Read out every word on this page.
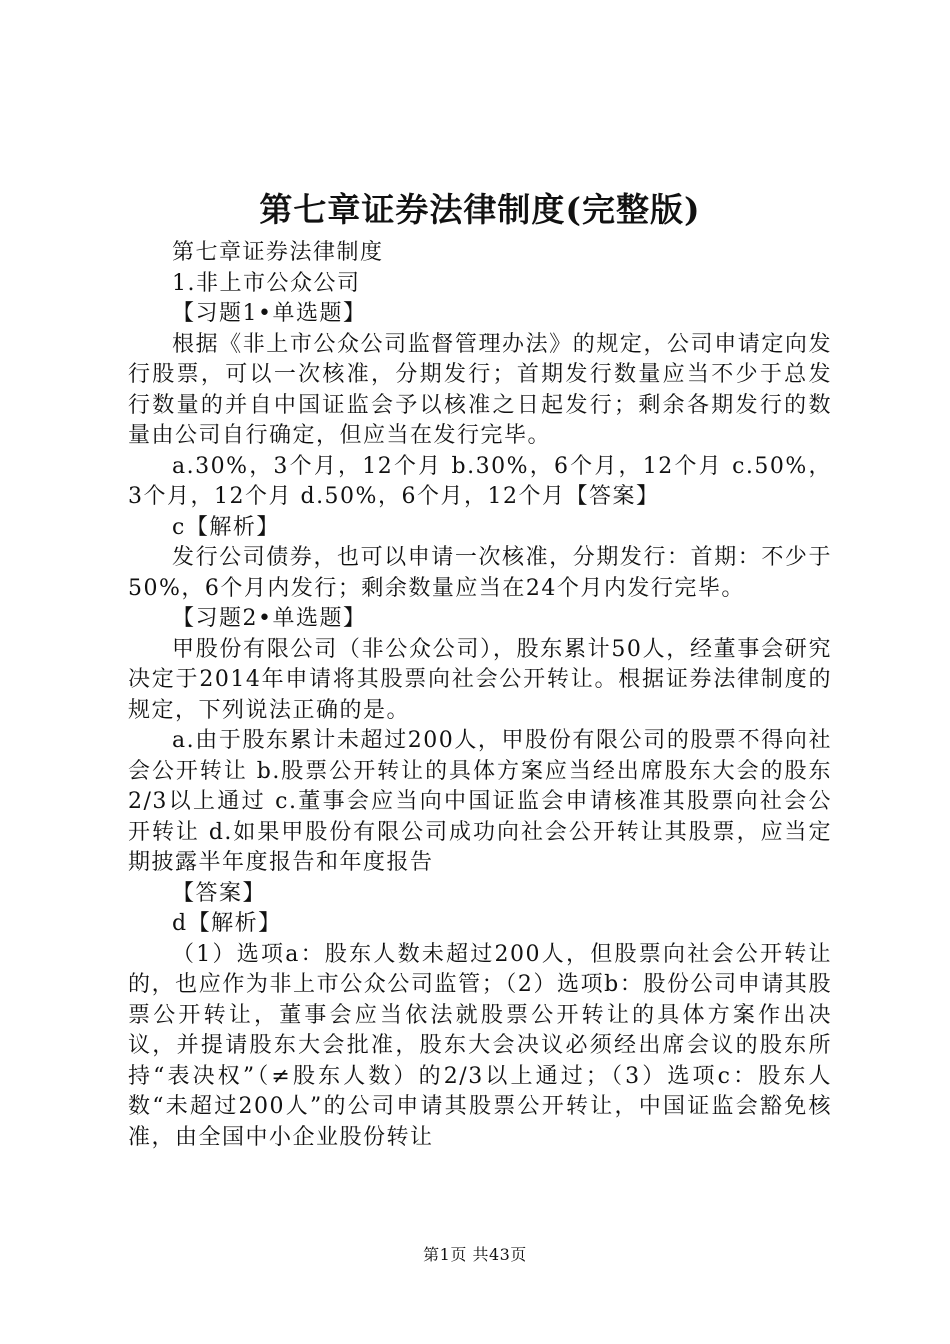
第七章证券法律制度(完整版)

第七章证券法律制度

1.非上市公众公司

【习题1•单选题】

根据《非上市公众公司监督管理办法》的规定，公司申请定向发行股票，可以一次核准，分期发行；首期发行数量应当不少于总发行数量的并自中国证监会予以核准之日起发行；剩余各期发行的数量由公司自行确定，但应当在发行完毕。

a.30%，3个月，12个月 b.30%，6个月，12个月 c.50%，3个月，12个月 d.50%，6个月，12个月【答案】

c【解析】

发行公司债券，也可以申请一次核准，分期发行：首期：不少于50%，6个月内发行；剩余数量应当在24个月内发行完毕。

【习题2•单选题】

甲股份有限公司（非公众公司），股东累计50人，经董事会研究决定于2014年申请将其股票向社会公开转让。根据证券法律制度的规定，下列说法正确的是。

a.由于股东累计未超过200人，甲股份有限公司的股票不得向社会公开转让 b.股票公开转让的具体方案应当经出席股东大会的股东2/3以上通过 c.董事会应当向中国证监会申请核准其股票向社会公开转让 d.如果甲股份有限公司成功向社会公开转让其股票，应当定期披露半年度报告和年度报告

【答案】

d【解析】

（1）选项a：股东人数未超过200人，但股票向社会公开转让的，也应作为非上市公众公司监管；（2）选项b：股份公司申请其股票公开转让，董事会应当依法就股票公开转让的具体方案作出决议，并提请股东大会批准，股东大会决议必须经出席会议的股东所持“表决权”（≠股东人数）的2/3以上通过；（3）选项c：股东人数“未超过200人”的公司申请其股票公开转让，中国证监会豁免核准，由全国中小企业股份转让

第1页 共43页
